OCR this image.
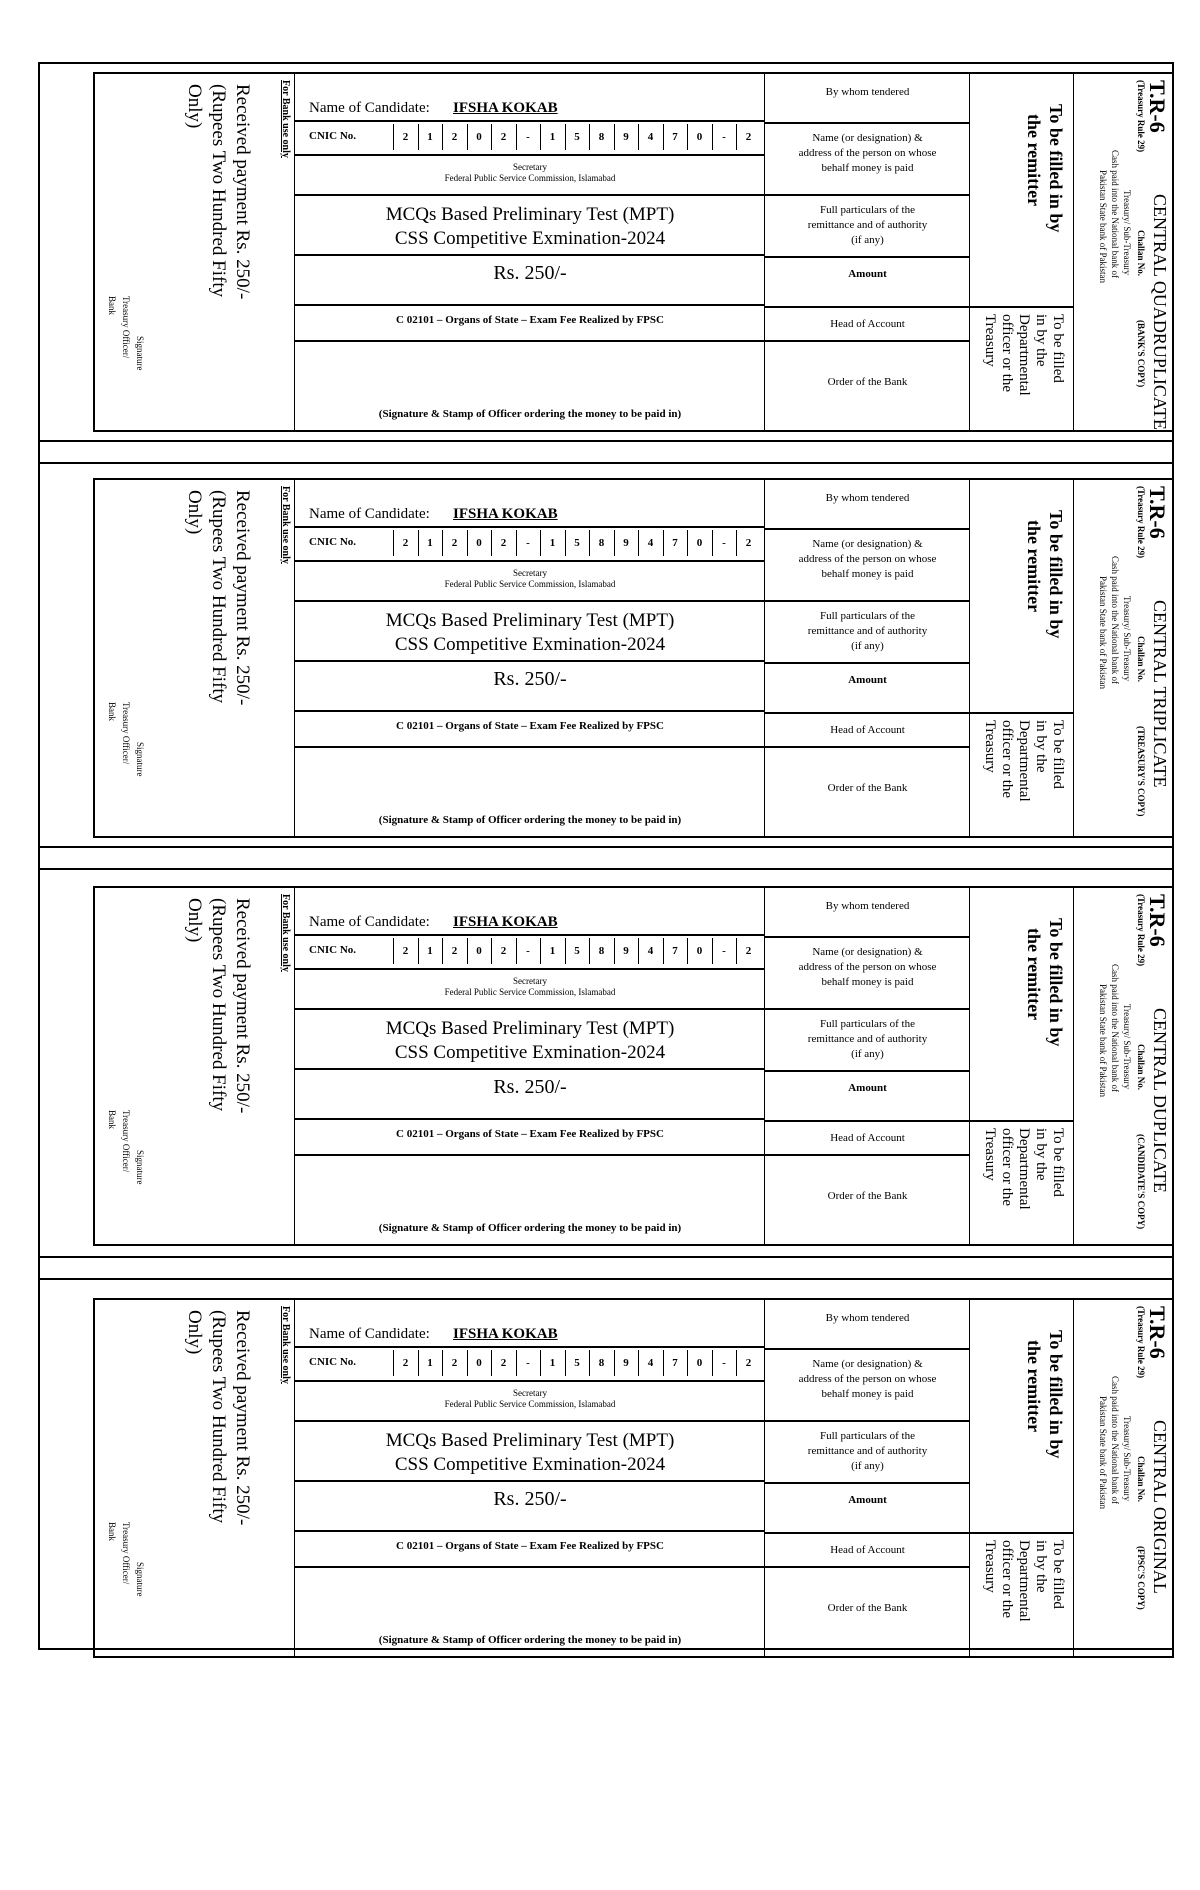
For Bank use only
Received payment Rs. 250/-
(Rupees Two Hundred Fifty
Only)
Signature
Treasury Officer/
Bank
Name of Candidate: IFSHA KOKAB
CNIC No.	2	1	2	0	2	-	1	5	8	9	4	7	0	-	2
Secretary
Federal Public Service Commission, Islamabad
MCQs Based Preliminary Test (MPT)
CSS Competitive Exmination-2024
Rs. 250/-
C 02101 – Organs of State – Exam Fee Realized by FPSC
(Signature & Stamp of Officer ordering the money to be paid in)
By whom tendered
Name (or designation) &
address of the person on whose
behalf money is paid
Full particulars of the
remittance and of authority
(if any)
Amount
Head of Account
Order of the Bank
To be filled in by
the remitter
To be filled
in by the
Departmental
officer or the
Treasury
T.R-6
CENTRAL QUADRUPLICATE
(Treasury Rule 29)
Challan No.
(BANK'S COPY)
Treasury/ Sub-Treasury
Cash paid into the National bank of
Pakistan State bank of Pakistan
For Bank use only
Received payment Rs. 250/-
(Rupees Two Hundred Fifty
Only)
Signature
Treasury Officer/
Bank
Name of Candidate: IFSHA KOKAB
CNIC No.	2	1	2	0	2	-	1	5	8	9	4	7	0	-	2
Secretary
Federal Public Service Commission, Islamabad
MCQs Based Preliminary Test (MPT)
CSS Competitive Exmination-2024
Rs. 250/-
C 02101 – Organs of State – Exam Fee Realized by FPSC
(Signature & Stamp of Officer ordering the money to be paid in)
By whom tendered
Name (or designation) &
address of the person on whose
behalf money is paid
Full particulars of the
remittance and of authority
(if any)
Amount
Head of Account
Order of the Bank
To be filled in by
the remitter
To be filled
in by the
Departmental
officer or the
Treasury
T.R-6
CENTRAL TRIPLICATE
(Treasury Rule 29)
Challan No.
(TREASURY'S COPY)
Treasury/ Sub-Treasury
Cash paid into the National bank of
Pakistan State bank of Pakistan
For Bank use only
Received payment Rs. 250/-
(Rupees Two Hundred Fifty
Only)
Signature
Treasury Officer/
Bank
Name of Candidate: IFSHA KOKAB
CNIC No.	2	1	2	0	2	-	1	5	8	9	4	7	0	-	2
Secretary
Federal Public Service Commission, Islamabad
MCQs Based Preliminary Test (MPT)
CSS Competitive Exmination-2024
Rs. 250/-
C 02101 – Organs of State – Exam Fee Realized by FPSC
(Signature & Stamp of Officer ordering the money to be paid in)
By whom tendered
Name (or designation) &
address of the person on whose
behalf money is paid
Full particulars of the
remittance and of authority
(if any)
Amount
Head of Account
Order of the Bank
To be filled in by
the remitter
To be filled
in by the
Departmental
officer or the
Treasury
T.R-6
CENTRAL DUPLICATE
(Treasury Rule 29)
Challan No.
(CANDIDATE'S COPY)
Treasury/ Sub-Treasury
Cash paid into the National bank of
Pakistan State bank of Pakistan
For Bank use only
Received payment Rs. 250/-
(Rupees Two Hundred Fifty
Only)
Signature
Treasury Officer/
Bank
Name of Candidate: IFSHA KOKAB
CNIC No.	2	1	2	0	2	-	1	5	8	9	4	7	0	-	2
Secretary
Federal Public Service Commission, Islamabad
MCQs Based Preliminary Test (MPT)
CSS Competitive Exmination-2024
Rs. 250/-
C 02101 – Organs of State – Exam Fee Realized by FPSC
(Signature & Stamp of Officer ordering the money to be paid in)
By whom tendered
Name (or designation) &
address of the person on whose
behalf money is paid
Full particulars of the
remittance and of authority
(if any)
Amount
Head of Account
Order of the Bank
To be filled in by
the remitter
To be filled
in by the
Departmental
officer or the
Treasury
T.R-6
CENTRAL ORIGINAL
(Treasury Rule 29)
Challan No.
(FPSC'S COPY)
Treasury/ Sub-Treasury
Cash paid into the National bank of
Pakistan State bank of Pakistan
